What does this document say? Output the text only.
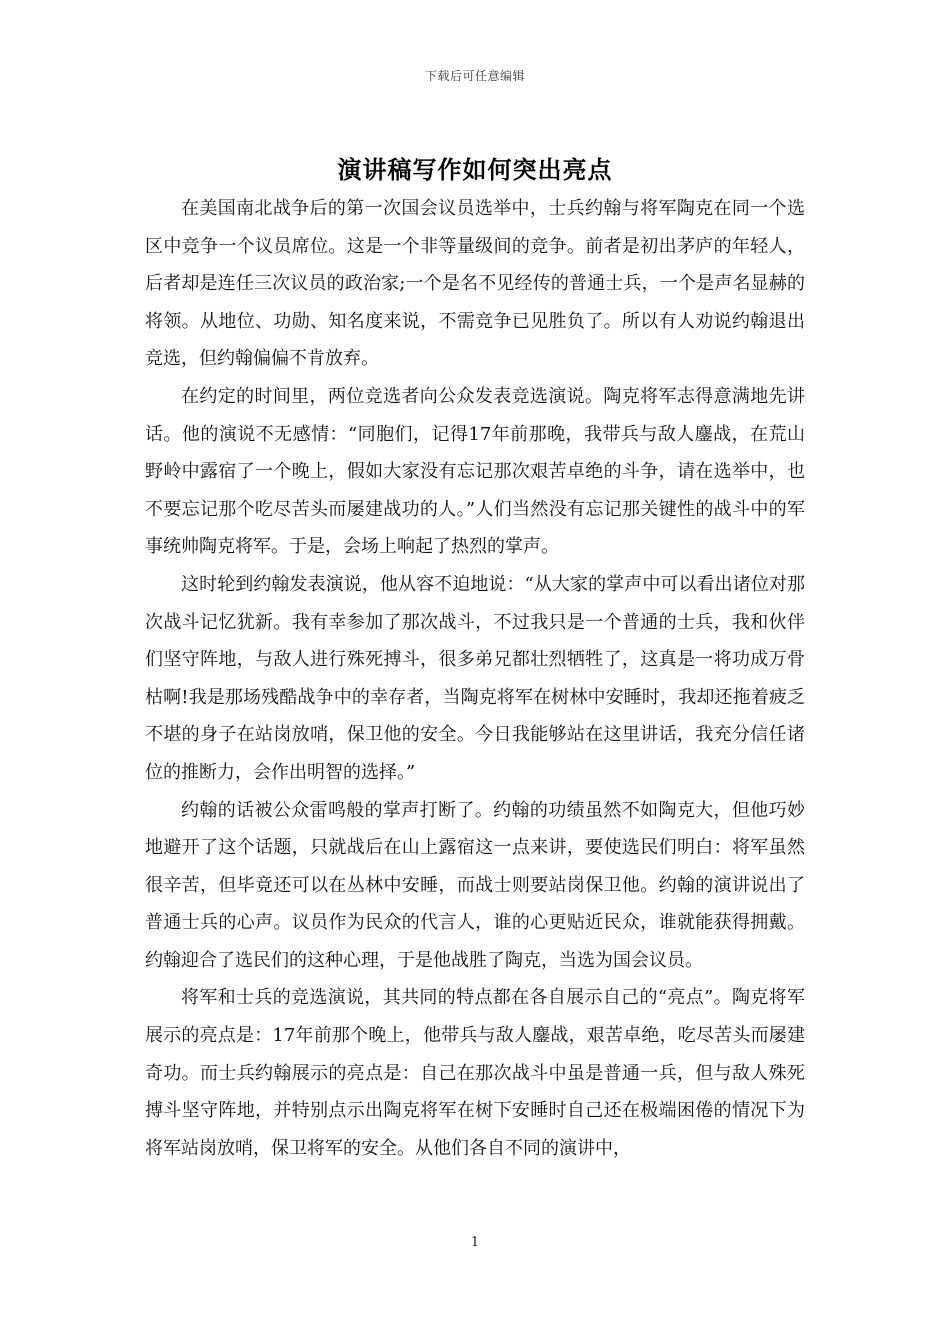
下载后可任意编辑
演讲稿写作如何突出亮点

在美国南北战争后的第一次国会议员选举中，士兵约翰与将军陶克在同一个选区中竞争一个议员席位。这是一个非等量级间的竞争。前者是初出茅庐的年轻人，后者却是连任三次议员的政治家;一个是名不见经传的普通士兵，一个是声名显赫的将领。从地位、功勋、知名度来说，不需竞争已见胜负了。所以有人劝说约翰退出竞选，但约翰偏偏不肯放弃。

在约定的时间里，两位竞选者向公众发表竞选演说。陶克将军志得意满地先讲话。他的演说不无感情：“同胞们，记得17年前那晚，我带兵与敌人鏖战，在荒山野岭中露宿了一个晚上，假如大家没有忘记那次艰苦卓绝的斗争，请在选举中，也不要忘记那个吃尽苦头而屡建战功的人。”人们当然没有忘记那关键性的战斗中的军事统帅陶克将军。于是，会场上响起了热烈的掌声。

这时轮到约翰发表演说，他从容不迫地说：“从大家的掌声中可以看出诸位对那次战斗记忆犹新。我有幸参加了那次战斗，不过我只是一个普通的士兵，我和伙伴们坚守阵地，与敌人进行殊死搏斗，很多弟兄都壮烈牺牲了，这真是一将功成万骨枯啊!我是那场残酷战争中的幸存者，当陶克将军在树林中安睡时，我却还拖着疲乏不堪的身子在站岗放哨，保卫他的安全。今日我能够站在这里讲话，我充分信任诸位的推断力，会作出明智的选择。”

约翰的话被公众雷鸣般的掌声打断了。约翰的功绩虽然不如陶克大，但他巧妙地避开了这个话题，只就战后在山上露宿这一点来讲，要使选民们明白：将军虽然很辛苦，但毕竟还可以在丛林中安睡，而战士则要站岗保卫他。约翰的演讲说出了普通士兵的心声。议员作为民众的代言人，谁的心更贴近民众，谁就能获得拥戴。约翰迎合了选民们的这种心理，于是他战胜了陶克，当选为国会议员。

将军和士兵的竞选演说，其共同的特点都在各自展示自己的“亮点”。陶克将军展示的亮点是：17年前那个晚上，他带兵与敌人鏖战，艰苦卓绝，吃尽苦头而屡建奇功。而士兵约翰展示的亮点是：自己在那次战斗中虽是普通一兵，但与敌人殊死搏斗坚守阵地，并特别点示出陶克将军在树下安睡时自己还在极端困倦的情况下为将军站岗放哨，保卫将军的安全。从他们各自不同的演讲中，

1
